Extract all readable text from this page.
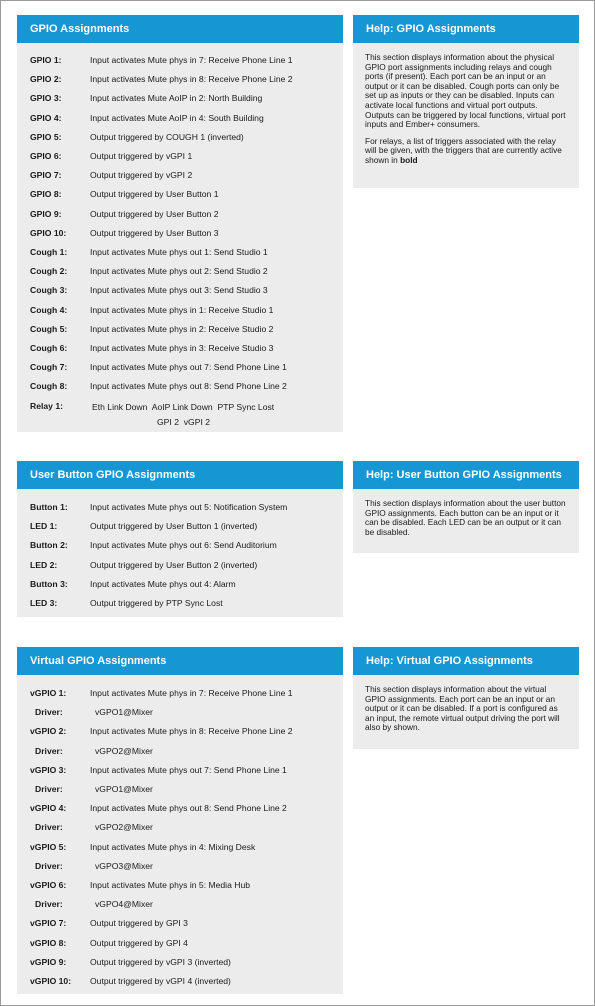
GPIO Assignments
GPIO 1:	Input activates Mute phys in 7: Receive Phone Line 1
GPIO 2:	Input activates Mute phys in 8: Receive Phone Line 2
GPIO 3:	Input activates Mute AoIP in 2: North Building
GPIO 4:	Input activates Mute AoIP in 4: South Building
GPIO 5:	Output triggered by COUGH 1 (inverted)
GPIO 6:	Output triggered by vGPI 1
GPIO 7:	Output triggered by vGPI 2
GPIO 8:	Output triggered by User Button 1
GPIO 9:	Output triggered by User Button 2
GPIO 10:	Output triggered by User Button 3
Cough 1:	Input activates Mute phys out 1: Send Studio 1
Cough 2:	Input activates Mute phys out 2: Send Studio 2
Cough 3:	Input activates Mute phys out 3: Send Studio 3
Cough 4:	Input activates Mute phys in 1: Receive Studio 1
Cough 5:	Input activates Mute phys in 2: Receive Studio 2
Cough 6:	Input activates Mute phys in 3: Receive Studio 3
Cough 7:	Input activates Mute phys out 7: Send Phone Line 1
Cough 8:	Input activates Mute phys out 8: Send Phone Line 2
Relay 1:	Eth Link Down  AoIP Link Down  PTP Sync Lost
GPI 2  vGPI 2
Help: GPIO Assignments

This section displays information about the physical GPIO port assignments including relays and cough ports (if present). Each port can be an input or an output or it can be disabled. Cough ports can only be set up as inputs or they can be disabled. Inputs can activate local functions and virtual port outputs. Outputs can be triggered by local functions, virtual port inputs and Ember+ consumers.

For relays, a list of triggers associated with the relay will be given, with the triggers that are currently active shown in bold

User Button GPIO Assignments
Button 1:	Input activates Mute phys out 5: Notification System
LED 1:	Output triggered by User Button 1 (inverted)
Button 2:	Input activates Mute phys out 6: Send Auditorium
LED 2:	Output triggered by User Button 2 (inverted)
Button 3:	Input activates Mute phys out 4: Alarm
LED 3:	Output triggered by PTP Sync Lost
Help: User Button GPIO Assignments

This section displays information about the user button GPIO assignments. Each button can be an input or it can be disabled. Each LED can be an output or it can be disabled.

Virtual GPIO Assignments
vGPIO 1:	Input activates Mute phys in 7: Receive Phone Line 1
Driver:	vGPO1@Mixer
vGPIO 2:	Input activates Mute phys in 8: Receive Phone Line 2
Driver:	vGPO2@Mixer
vGPIO 3:	Input activates Mute phys out 7: Send Phone Line 1
Driver:	vGPO1@Mixer
vGPIO 4:	Input activates Mute phys out 8: Send Phone Line 2
Driver:	vGPO2@Mixer
vGPIO 5:	Input activates Mute phys in 4: Mixing Desk
Driver:	vGPO3@Mixer
vGPIO 6:	Input activates Mute phys in 5: Media Hub
Driver:	vGPO4@Mixer
vGPIO 7:	Output triggered by GPI 3
vGPIO 8:	Output triggered by GPI 4
vGPIO 9:	Output triggered by vGPI 3 (inverted)
vGPIO 10: Output triggered by vGPI 4 (inverted)
Help: Virtual GPIO Assignments

This section displays information about the virtual GPIO assignments. Each port can be an input or an output or it can be disabled. If a port is configured as an input, the remote virtual output driving the port will also by shown.
